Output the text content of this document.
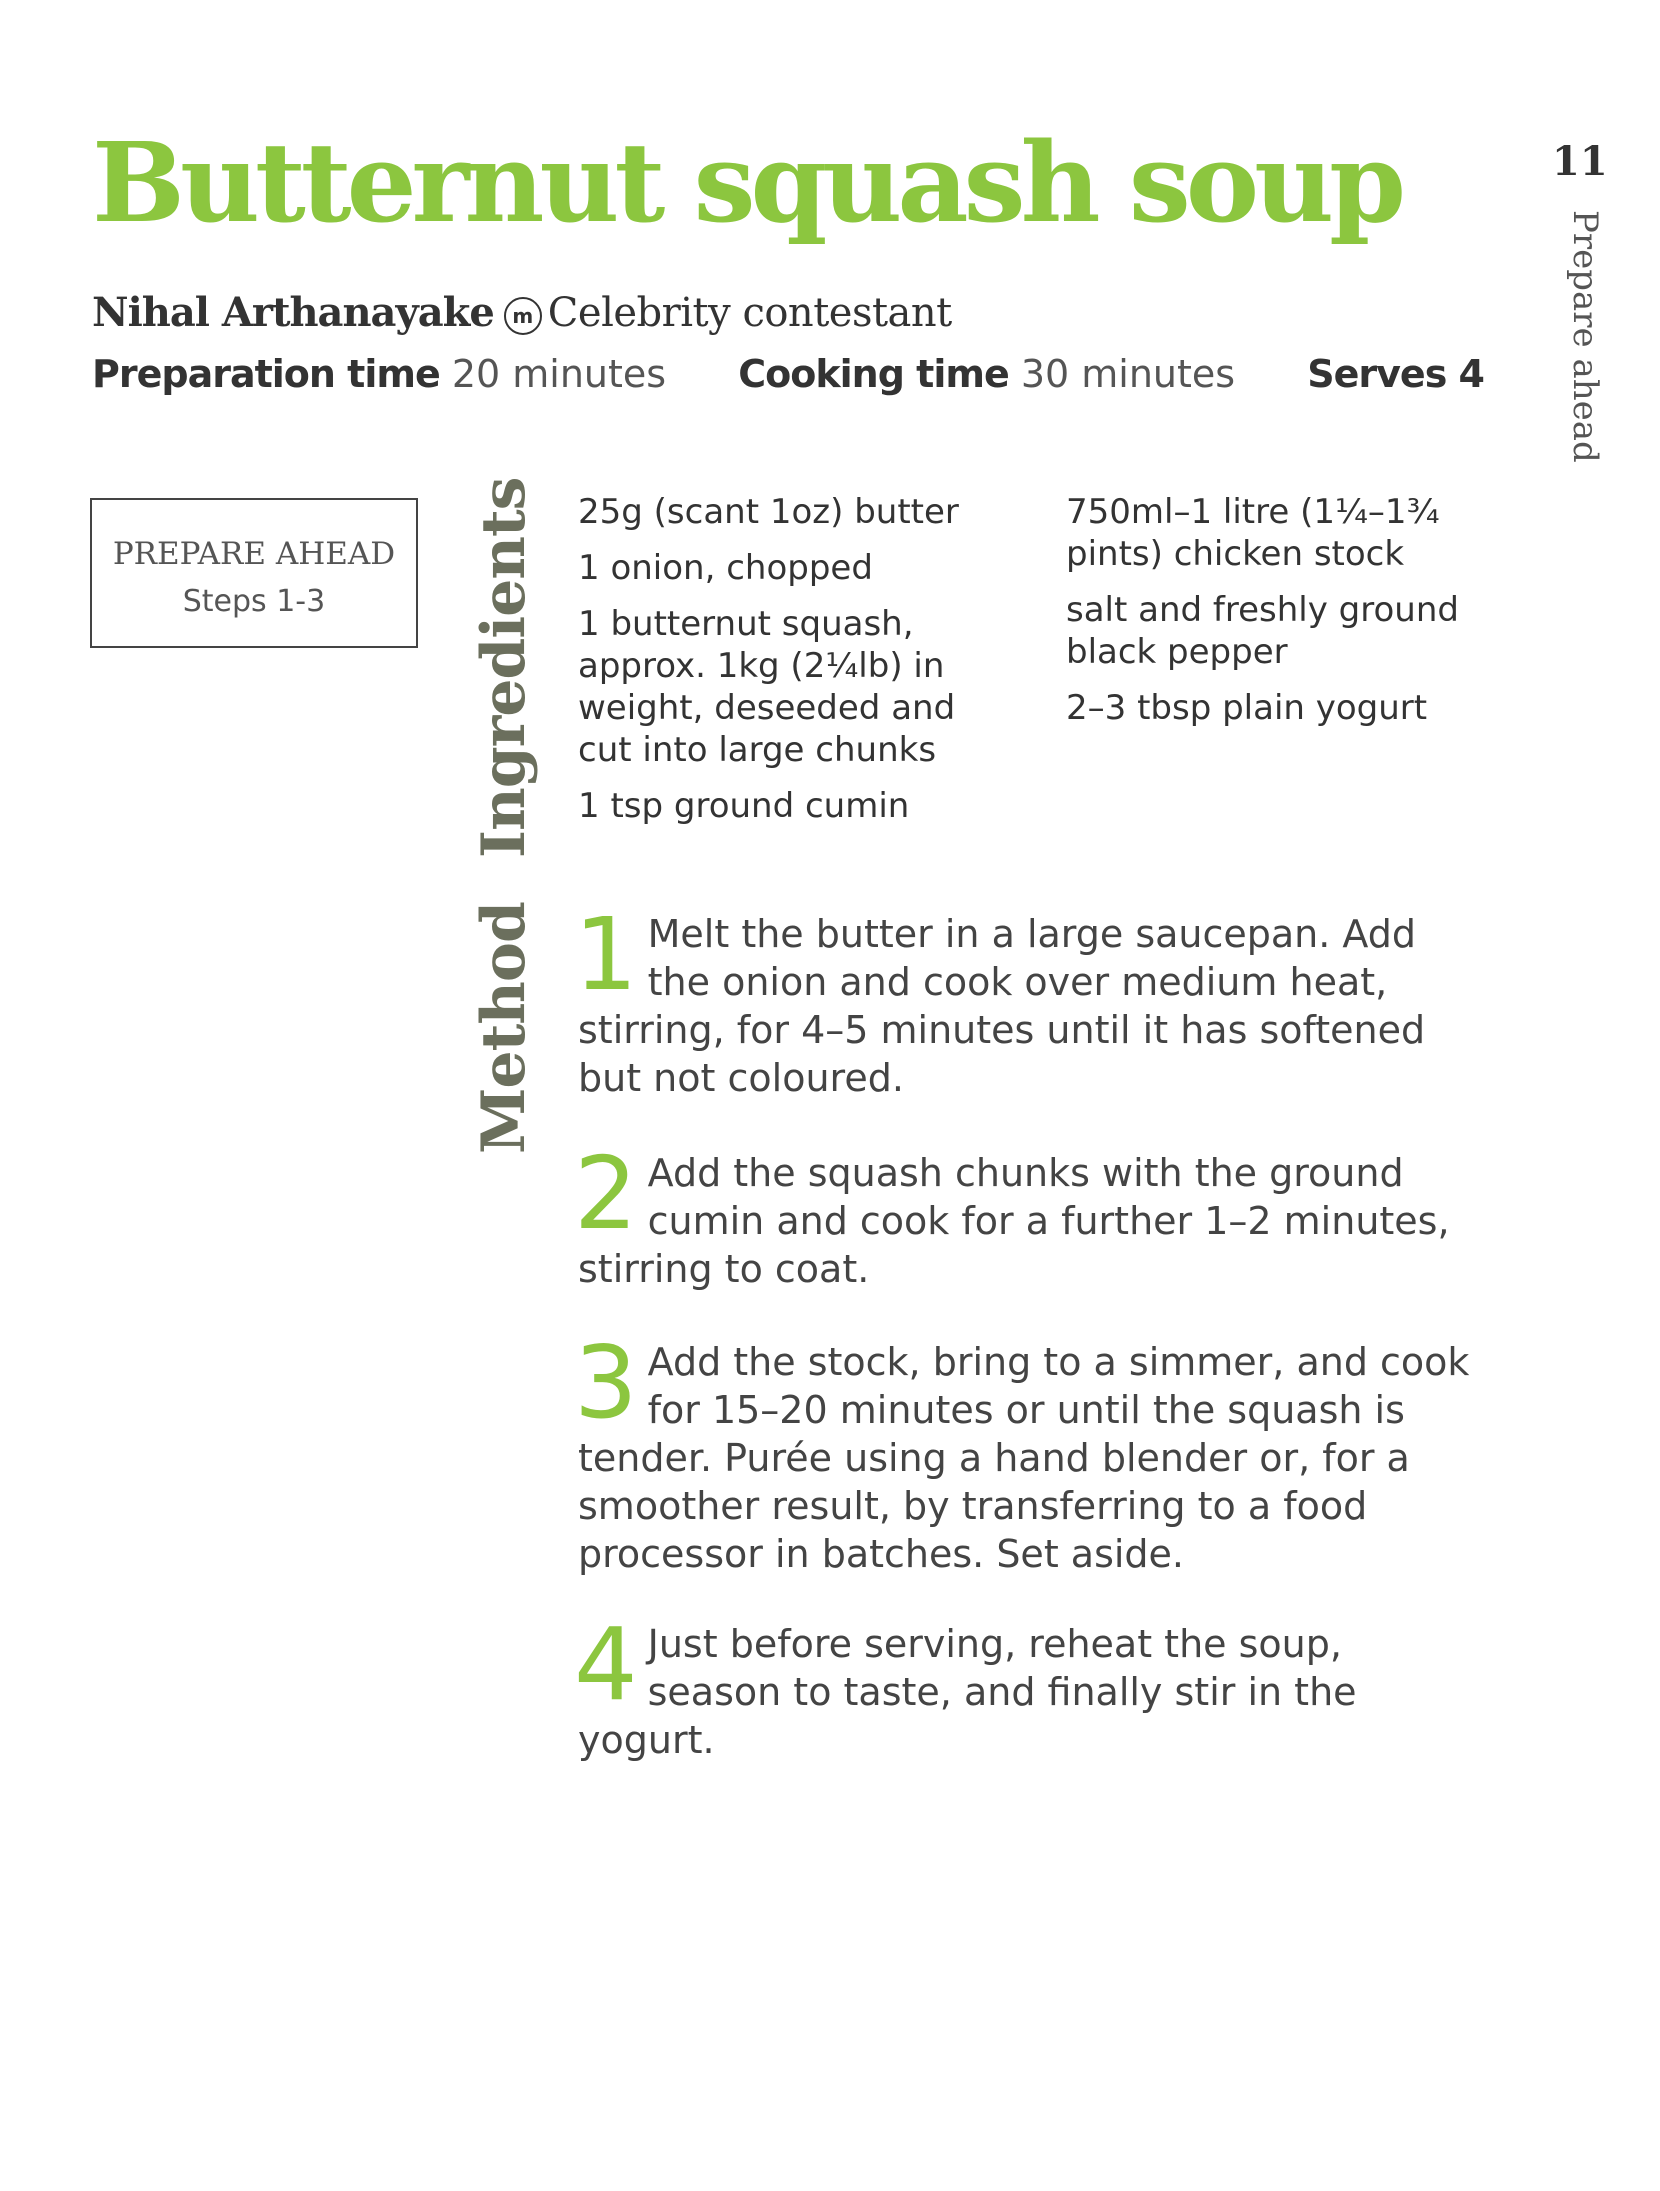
Butternut squash soup	11
Prepare ahead
Nihal Arthanayake m Celebrity contestant
Preparation time 20 minutes Cooking time 30 minutes Serves 4
PREPARE AHEAD
Steps 1-3	Ingredients 25g (scant 1oz) butter
1 onion, chopped
1 butternut squash, approx. 1kg (2¼lb) in weight, deseeded and cut into large chunks
1 tsp ground cumin
750ml–1 litre (1¼–1¾ pints) chicken stock
salt and freshly ground black pepper
2–3 tbsp plain yogurt
Method 1 Melt the butter in a large saucepan. Add the onion and cook over medium heat, stirring, for 4–5 minutes until it has softened but not coloured.
2 Add the squash chunks with the ground cumin and cook for a further 1–2 minutes, stirring to coat.
3 Add the stock, bring to a simmer, and cook for 15–20 minutes or until the squash is tender. Purée using a hand blender or, for a smoother result, by transferring to a food processor in batches. Set aside.
4 Just before serving, reheat the soup, season to taste, and finally stir in the yogurt.
